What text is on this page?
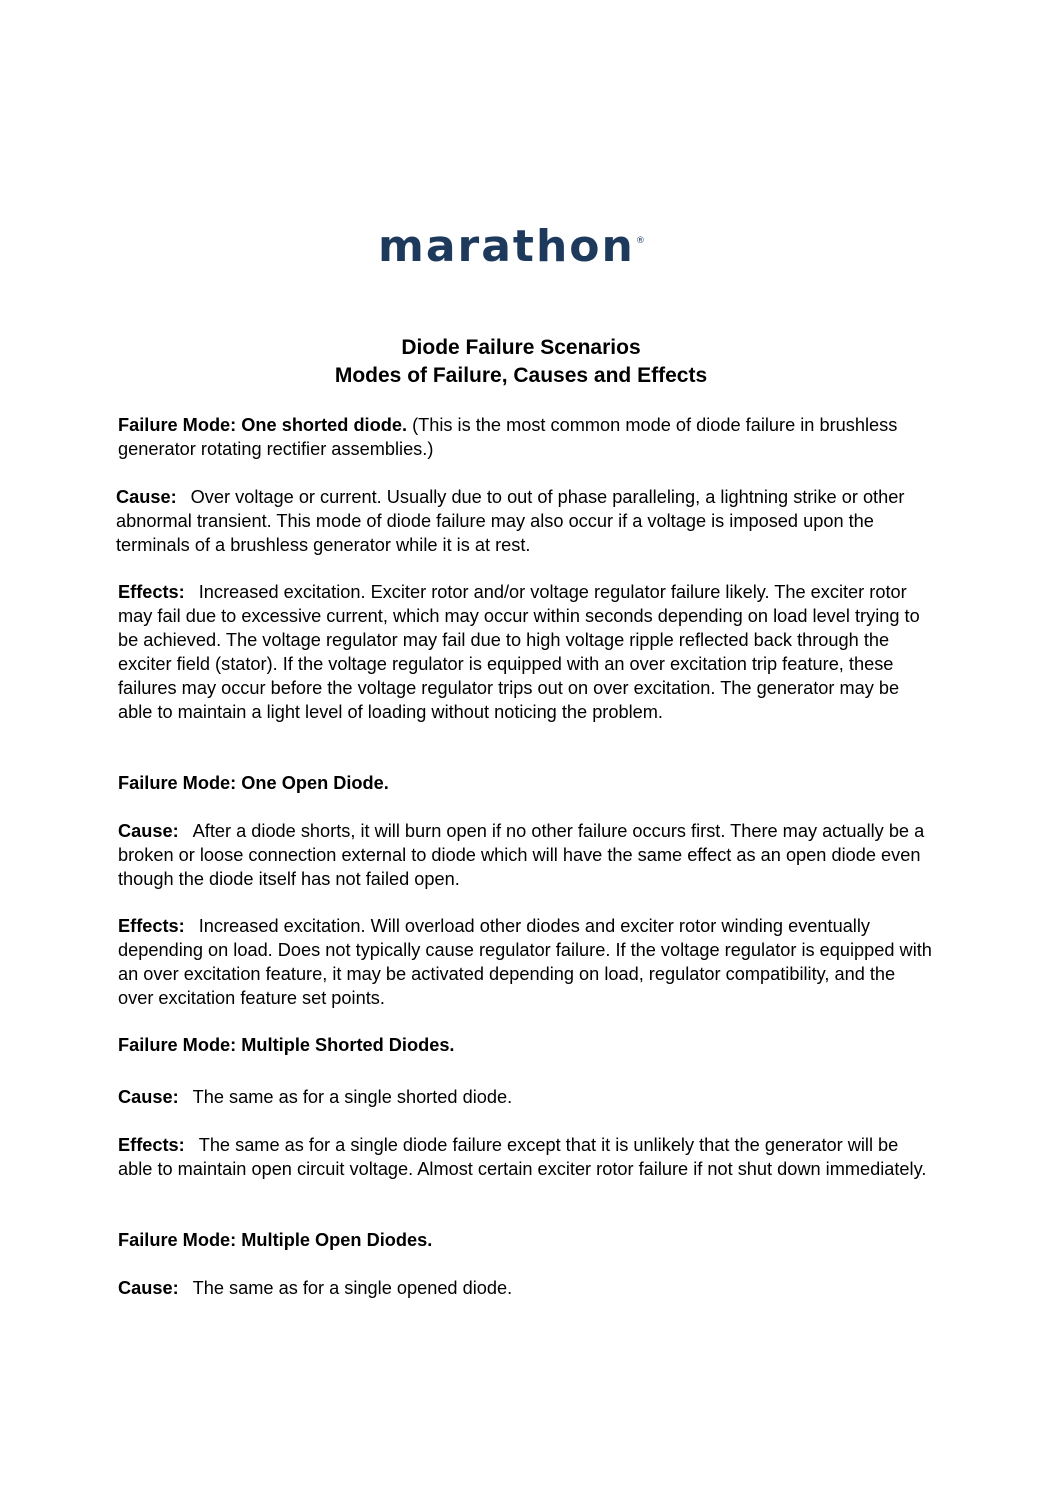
marathon®
Diode Failure Scenarios
Modes of Failure, Causes and Effects

Failure Mode: One shorted diode. (This is the most common mode of diode failure in brushless generator rotating rectifier assemblies.)

Cause: Over voltage or current. Usually due to out of phase paralleling, a lightning strike or other abnormal transient. This mode of diode failure may also occur if a voltage is imposed upon the terminals of a brushless generator while it is at rest.

Effects: Increased excitation. Exciter rotor and/or voltage regulator failure likely. The exciter rotor may fail due to excessive current, which may occur within seconds depending on load level trying to be achieved. The voltage regulator may fail due to high voltage ripple reflected back through the exciter field (stator). If the voltage regulator is equipped with an over excitation trip feature, these failures may occur before the voltage regulator trips out on over excitation. The generator may be able to maintain a light level of loading without noticing the problem.

Failure Mode: One Open Diode.

Cause: After a diode shorts, it will burn open if no other failure occurs first. There may actually be a broken or loose connection external to diode which will have the same effect as an open diode even though the diode itself has not failed open.

Effects: Increased excitation. Will overload other diodes and exciter rotor winding eventually depending on load. Does not typically cause regulator failure. If the voltage regulator is equipped with an over excitation feature, it may be activated depending on load, regulator compatibility, and the over excitation feature set points.

Failure Mode: Multiple Shorted Diodes.

Cause: The same as for a single shorted diode.

Effects: The same as for a single diode failure except that it is unlikely that the generator will be able to maintain open circuit voltage. Almost certain exciter rotor failure if not shut down immediately.

Failure Mode: Multiple Open Diodes.

Cause: The same as for a single opened diode.
